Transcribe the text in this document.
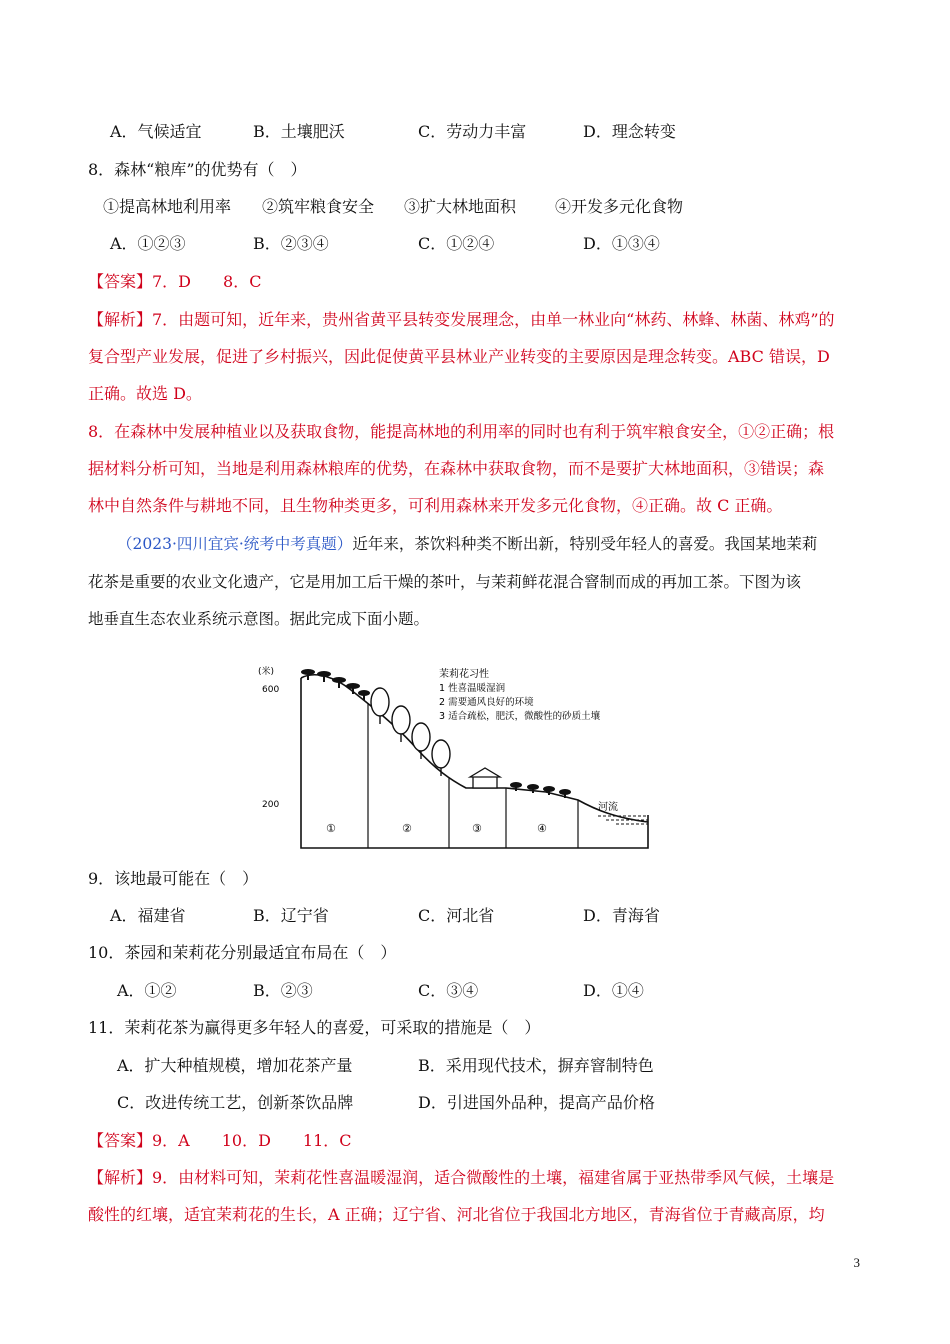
A．气候适宜	B．土壤肥沃	C．劳动力丰富	D．理念转变
8．森林“粮库”的优势有（　）
①提高林地利用率 ②筑牢粮食安全 ③扩大林地面积 ④开发多元化食物
A．①②③	B．②③④	C．①②④	D．①③④
【答案】7．D　　8．C
【解析】7．由题可知，近年来，贵州省黄平县转变发展理念，由单一林业向“林药、林蜂、林菌、林鸡”的
复合型产业发展，促进了乡村振兴，因此促使黄平县林业产业转变的主要原因是理念转变。ABC 错误，D
正确。故选 D。
8．在森林中发展种植业以及获取食物，能提高林地的利用率的同时也有利于筑牢粮食安全，①②正确；根
据材料分析可知，当地是利用森林粮库的优势，在森林中获取食物，而不是要扩大林地面积，③错误；森
林中自然条件与耕地不同，且生物种类更多，可利用森林来开发多元化食物，④正确。故 C 正确。
（2023·四川宜宾·统考中考真题）近年来，茶饮料种类不断出新，特别受年轻人的喜爱。我国某地茉莉
花茶是重要的农业文化遗产，它是用加工后干燥的茶叶，与茉莉鲜花混合窨制而成的再加工茶。下图为该
地垂直生态农业系统示意图。据此完成下面小题。
(米)
600
200
①	②	③	④
河流
茉莉花习性
1 性喜温暖湿润
2 需要通风良好的环境
3 适合疏松，肥沃，微酸性的砂质土壤
9．该地最可能在（　）
A．福建省	B．辽宁省	C．河北省	D．青海省
10．茶园和茉莉花分别最适宜布局在（　）
A．①②	B．②③	C．③④	D．①④
11．茉莉花茶为赢得更多年轻人的喜爱，可采取的措施是（　）
A．扩大种植规模，增加花茶产量	B．采用现代技术，摒弃窨制特色
C．改进传统工艺，创新茶饮品牌	D．引进国外品种，提高产品价格
【答案】9．A　　10．D　　11．C
【解析】9．由材料可知，茉莉花性喜温暖湿润，适合微酸性的土壤，福建省属于亚热带季风气候，土壤是
酸性的红壤，适宜茉莉花的生长，A 正确；辽宁省、河北省位于我国北方地区，青海省位于青藏高原，均
3
